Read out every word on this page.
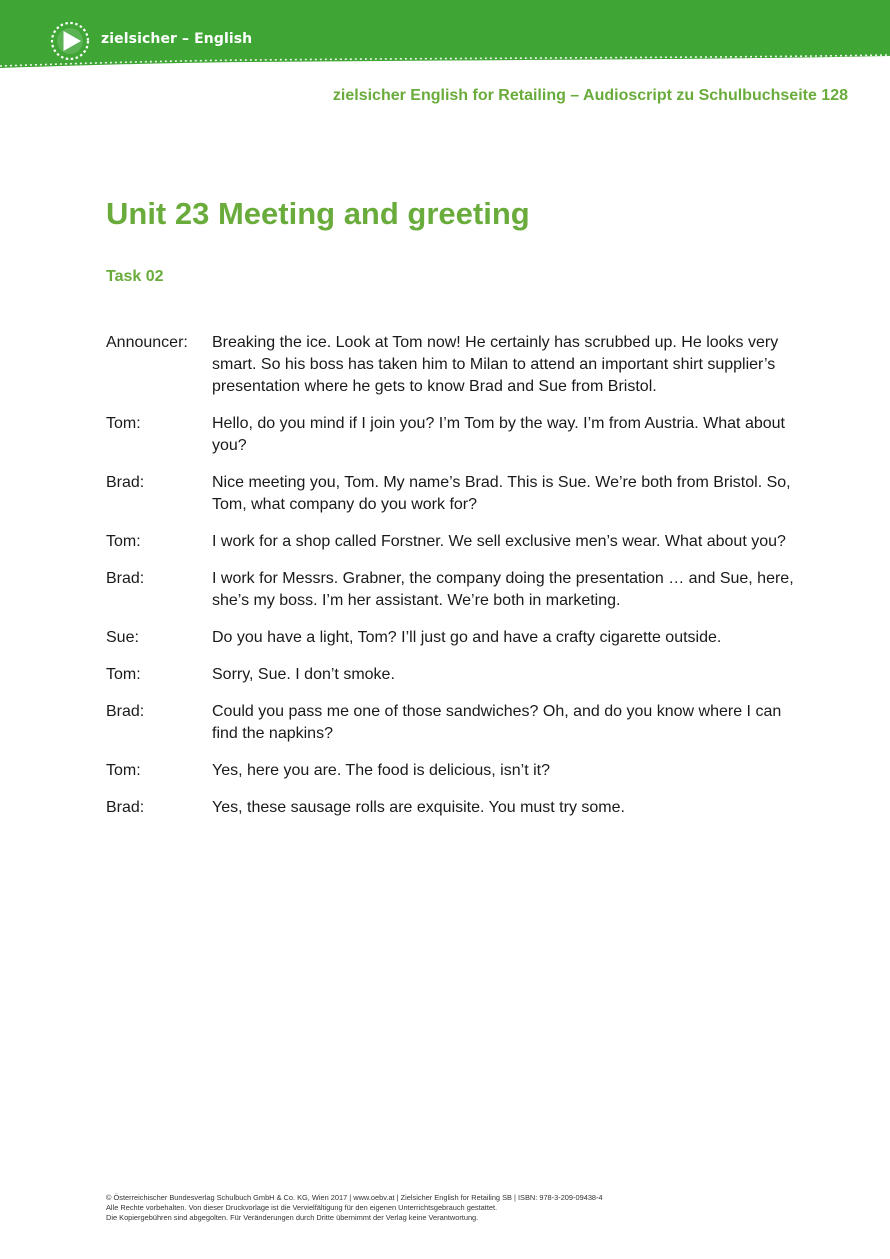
zielsicher – English
zielsicher English for Retailing – Audioscript zu Schulbuchseite 128
Unit 23 Meeting and greeting
Task 02
Announcer:	Breaking the ice. Look at Tom now! He certainly has scrubbed up. He looks very smart. So his boss has taken him to Milan to attend an important shirt supplier’s presentation where he gets to know Brad and Sue from Bristol.
Tom:	Hello, do you mind if I join you? I’m Tom by the way. I’m from Austria. What about you?
Brad:	Nice meeting you, Tom. My name’s Brad. This is Sue. We’re both from Bristol. So, Tom, what company do you work for?
Tom:	I work for a shop called Forstner. We sell exclusive men’s wear. What about you?
Brad:	I work for Messrs. Grabner, the company doing the presentation … and Sue, here, she’s my boss. I’m her assistant. We’re both in marketing.
Sue:	Do you have a light, Tom? I’ll just go and have a crafty cigarette outside.
Tom:	Sorry, Sue. I don’t smoke.
Brad:	Could you pass me one of those sandwiches? Oh, and do you know where I can find the napkins?
Tom:	Yes, here you are. The food is delicious, isn’t it?
Brad:	Yes, these sausage rolls are exquisite. You must try some.
© Österreichischer Bundesverlag Schulbuch GmbH & Co. KG, Wien 2017 | www.oebv.at | Zielsicher English for Retailing SB | ISBN: 978-3-209-09438-4
Alle Rechte vorbehalten. Von dieser Druckvorlage ist die Vervielfältigung für den eigenen Unterrichtsgebrauch gestattet.
Die Kopiergebühren sind abgegolten. Für Veränderungen durch Dritte übernimmt der Verlag keine Verantwortung.
